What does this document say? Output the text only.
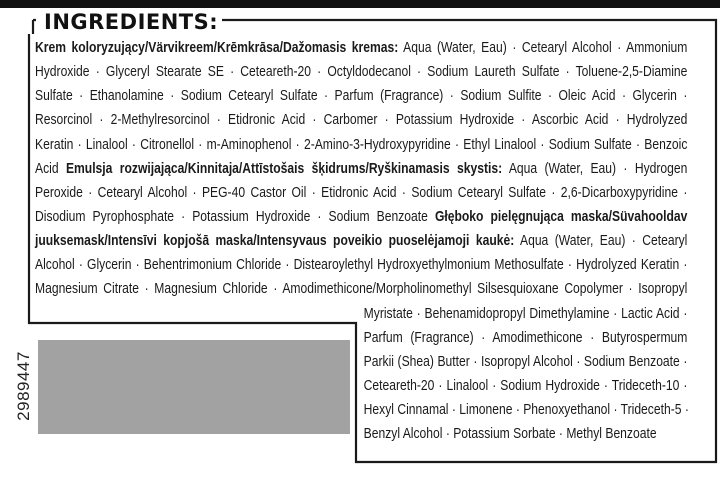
INGREDIENTS:
Krem koloryzujący/Värvikreem/Krēmkrāsa/Dažomasis kremas: Aqua (Water, Eau) · Cetearyl Alcohol · Ammonium
Hydroxide · Glyceryl Stearate SE · Ceteareth-20 · Octyldodecanol · Sodium Laureth Sulfate · Toluene-2,5-Diamine
Sulfate · Ethanolamine · Sodium Cetearyl Sulfate · Parfum (Fragrance) · Sodium Sulfite · Oleic Acid · Glycerin ·
Resorcinol · 2-Methylresorcinol · Etidronic Acid · Carbomer · Potassium Hydroxide · Ascorbic Acid · Hydrolyzed
Keratin · Linalool · Citronellol · m-Aminophenol · 2-Amino-3-Hydroxypyridine · Ethyl Linalool · Sodium Sulfate · Benzoic
Acid Emulsja rozwijająca/Kinnitaja/Attīstošais šķidrums/Ryškinamasis skystis: Aqua (Water, Eau) · Hydrogen
Peroxide · Cetearyl Alcohol · PEG-40 Castor Oil · Etidronic Acid · Sodium Cetearyl Sulfate · 2,6-Dicarboxypyridine ·
Disodium Pyrophosphate · Potassium Hydroxide · Sodium Benzoate Głęboko pielęgnująca maska/Süvahooldav
juuksemask/Intensīvi kopjošā maska/Intensyvaus poveikio puoselėjamoji kaukė: Aqua (Water, Eau) · Cetearyl
Alcohol · Glycerin · Behentrimonium Chloride · Distearoylethyl Hydroxyethylmonium Methosulfate · Hydrolyzed Keratin ·
Magnesium Citrate · Magnesium Chloride · Amodimethicone/Morpholinomethyl Silsesquioxane Copolymer · Isopropyl
Myristate · Behenamidopropyl Dimethylamine · Lactic Acid ·
Parfum (Fragrance) · Amodimethicone · Butyrospermum
Parkii (Shea) Butter · Isopropyl Alcohol · Sodium Benzoate ·
Ceteareth-20 · Linalool · Sodium Hydroxide · Trideceth-10 ·
Hexyl Cinnamal · Limonene · Phenoxyethanol · Trideceth-5 ·
Benzyl Alcohol · Potassium Sorbate · Methyl Benzoate
2989447
